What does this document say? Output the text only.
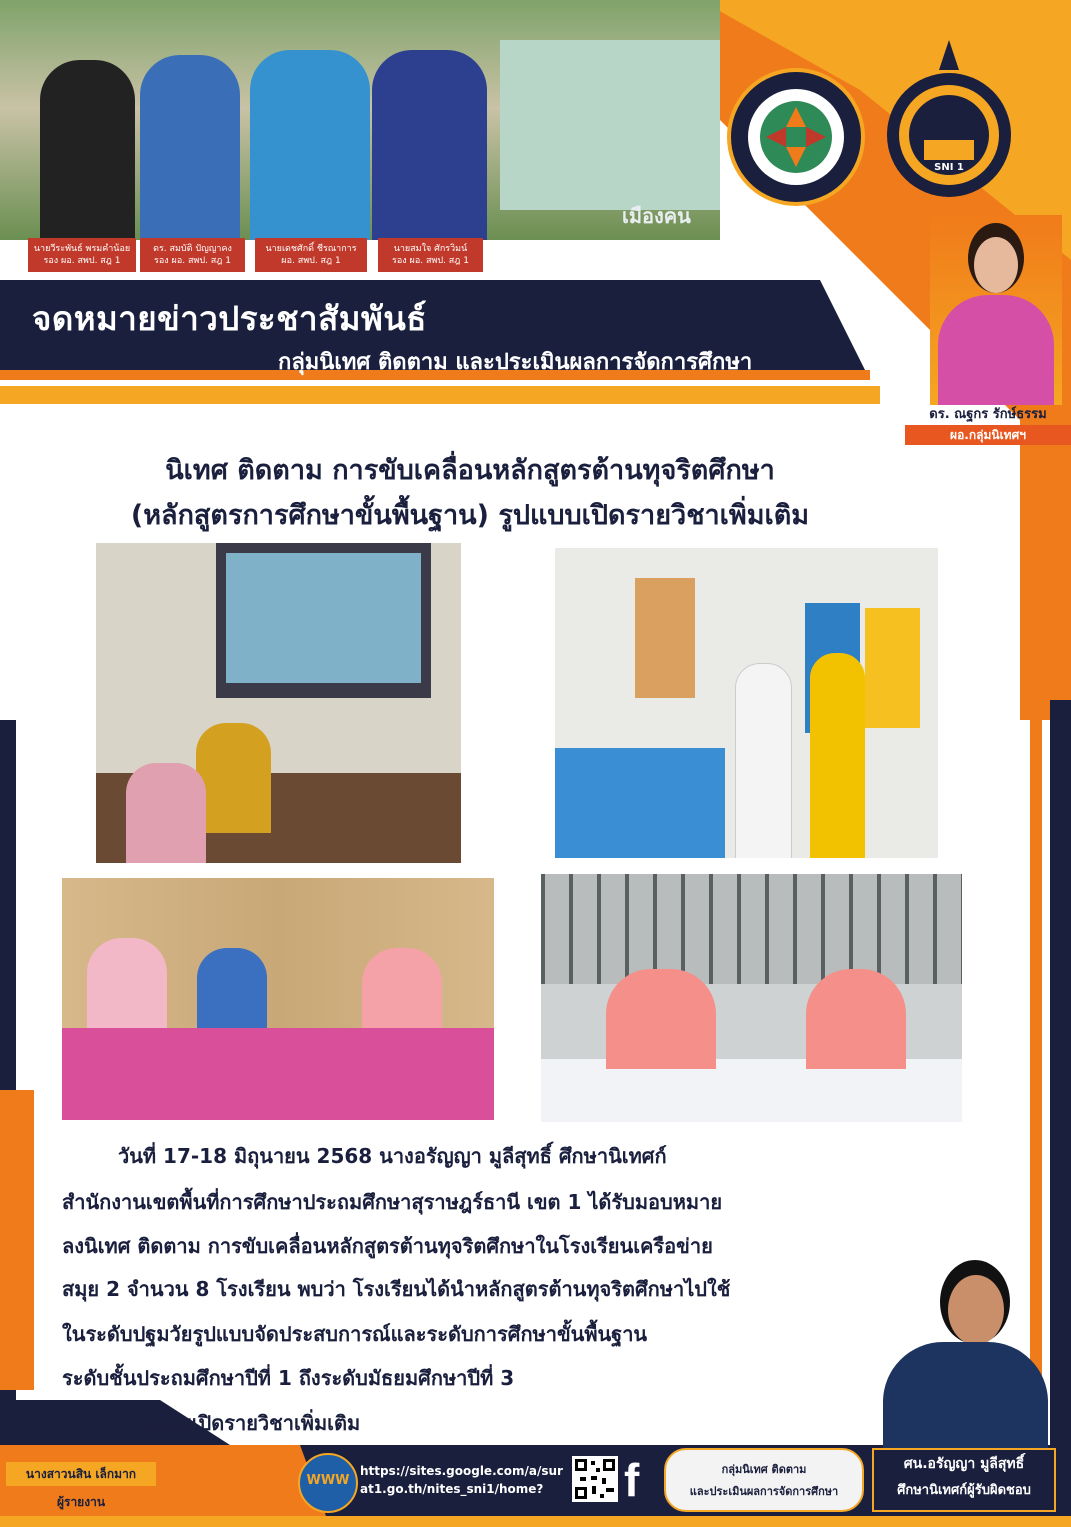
เมืองคน
นายวีระพันธ์ พรมคำน้อย
รอง ผอ. สพป. สฎ 1
ดร. สมบัติ ปัญญาคง
รอง ผอ. สพป. สฎ 1
นายเดชศักดิ์ ชีรณาการ
ผอ. สพป. สฎ 1
นายสมใจ ศักรวิมน์
รอง ผอ. สพป. สฎ 1
SNI 1
จดหมายข่าวประชาสัมพันธ์
กลุ่มนิเทศ ติดตาม และประเมินผลการจัดการศึกษา
ดร. ณฐกร รักษ์ธรรม
ผอ.กลุ่มนิเทศฯ
นิเทศ ติดตาม การขับเคลื่อนหลักสูตรต้านทุจริตศึกษา
(หลักสูตรการศึกษาขั้นพื้นฐาน) รูปแบบเปิดรายวิชาเพิ่มเติม
วันที่ 17-18 มิถุนายน 2568 นางอรัญญา มูลีสุทธิ์ ศึกษานิเทศก์
สำนักงานเขตพื้นที่การศึกษาประถมศึกษาสุราษฎร์ธานี เขต 1 ได้รับมอบหมาย
ลงนิเทศ ติดตาม การขับเคลื่อนหลักสูตรต้านทุจริตศึกษาในโรงเรียนเครือข่าย
สมุย 2 จำนวน 8 โรงเรียน พบว่า โรงเรียนได้นำหลักสูตรต้านทุจริตศึกษาไปใช้
ในระดับปฐมวัยรูปแบบจัดประสบการณ์และระดับการศึกษาขั้นพื้นฐาน
ระดับชั้นประถมศึกษาปีที่ 1 ถึงระดับมัธยมศึกษาปีที่ 3
รูปแบบเปิดรายวิชาเพิ่มเติม
ศน.อรัญญา มูลีสุทธิ์
ศึกษานิเทศก์ผู้รับผิดชอบ
นางสาวนสิน เล็กมาก
ผู้รายงาน
WWW
https://sites.google.com/a/sur
at1.go.th/nites_sni1/home?	f	กลุ่มนิเทศ ติดตาม
และประเมินผลการจัดการศึกษา
